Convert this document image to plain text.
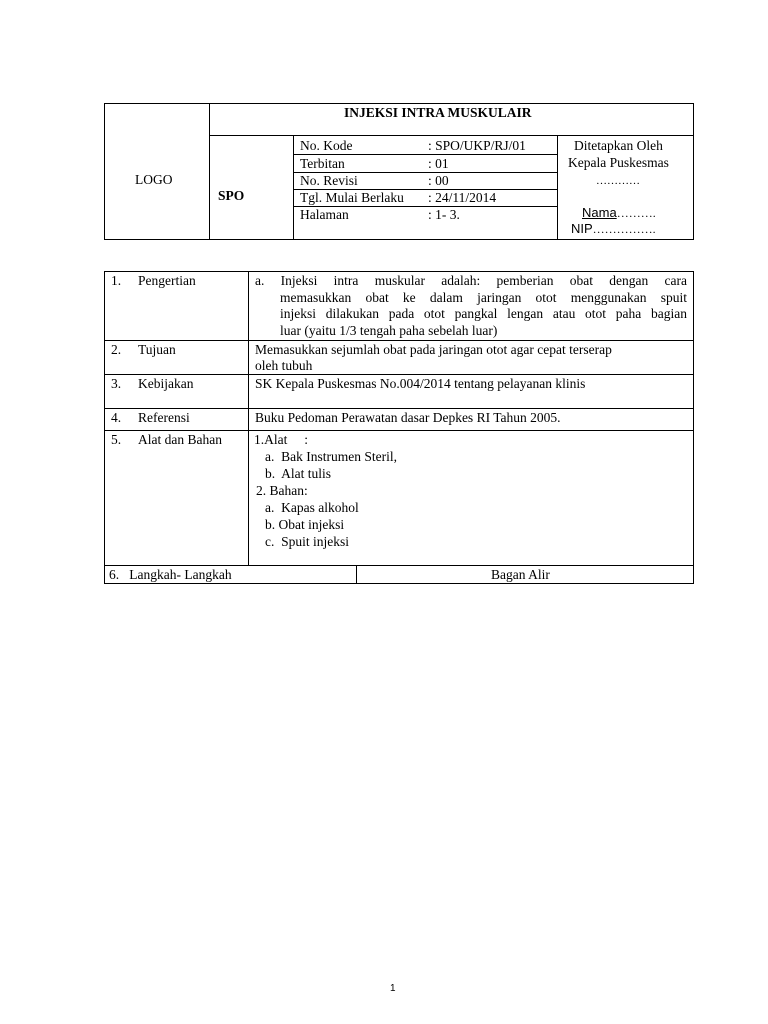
LOGO
INJEKSI INTRA MUSKULAIR
SPO
No. Kode	: SPO/UKP/RJ/01
Terbitan	: 01
No. Revisi	: 00
Tgl. Mulai Berlaku : 24/11/2014
Halaman	: 1- 3.
Ditetapkan Oleh
Kepala Puskesmas
…………
Nama……….
NIP…………….
1. Pengertian	a. Injeksi intra muskular adalah: pemberian obat dengan cara
memasukkan obat ke dalam jaringan otot menggunakan spuit
injeksi dilakukan pada otot pangkal lengan atau otot paha bagian
luar (yaitu 1/3 tengah paha sebelah luar)
2. Tujuan	Memasukkan sejumlah obat pada jaringan otot agar cepat terserap
oleh tubuh
3. Kebijakan	SK Kepala Puskesmas No.004/2014 tentang pelayanan klinis
4. Referensi	Buku Pedoman Perawatan dasar Depkes RI Tahun 2005.
5. Alat dan Bahan 1.Alat     :
a.  Bak Instrumen Steril,
b.  Alat tulis
2. Bahan:
a.  Kapas alkohol
b. Obat injeksi
c.  Spuit injeksi
6.   Langkah- Langkah	Bagan Alir
1
